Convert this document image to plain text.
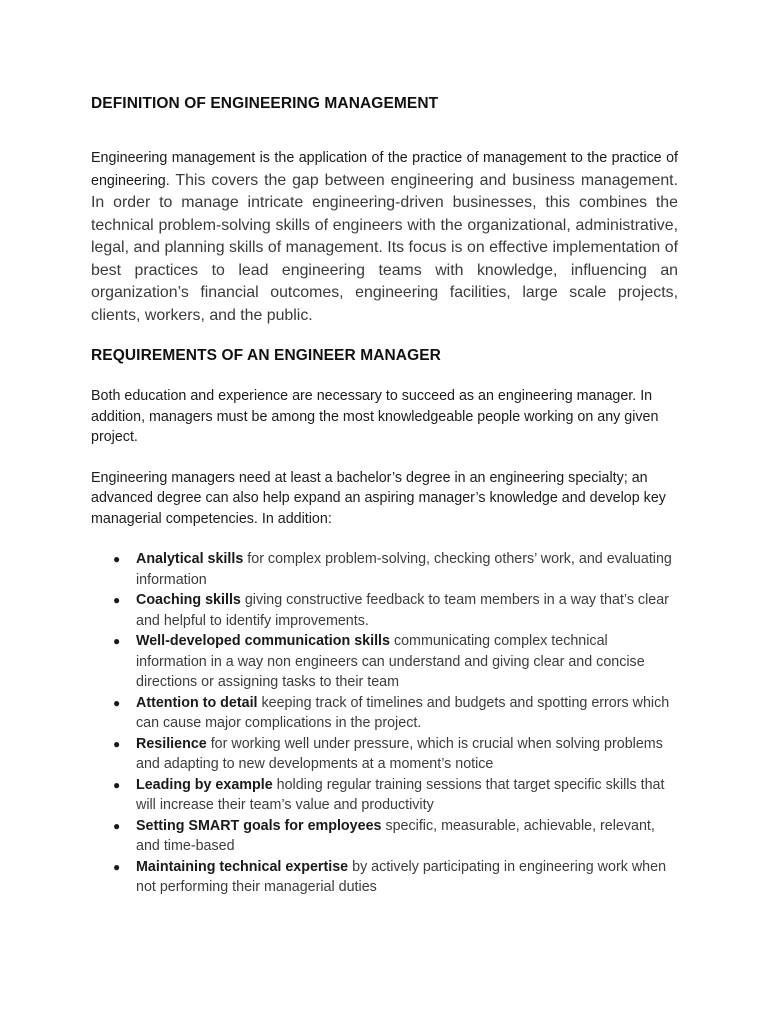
DEFINITION OF ENGINEERING MANAGEMENT

Engineering management is the application of the practice of management to the practice of engineering. This covers the gap between engineering and business management. In order to manage intricate engineering-driven businesses, this combines the technical problem-solving skills of engineers with the organizational, administrative, legal, and planning skills of management. Its focus is on effective implementation of best practices to lead engineering teams with knowledge, influencing an organization’s financial outcomes, engineering facilities, large scale projects, clients, workers, and the public.

REQUIREMENTS OF AN ENGINEER MANAGER

Both education and experience are necessary to succeed as an engineering manager. In addition, managers must be among the most knowledgeable people working on any given project.

Engineering managers need at least a bachelor’s degree in an engineering specialty; an advanced degree can also help expand an aspiring manager’s knowledge and develop key managerial competencies. In addition:

● Analytical skills for complex problem-solving, checking others’ work, and evaluating information
● Coaching skills giving constructive feedback to team members in a way that’s clear and helpful to identify improvements.
● Well-developed communication skills communicating complex technical information in a way non engineers can understand and giving clear and concise directions or assigning tasks to their team
● Attention to detail keeping track of timelines and budgets and spotting errors which can cause major complications in the project.
● Resilience for working well under pressure, which is crucial when solving problems and adapting to new developments at a moment’s notice
● Leading by example holding regular training sessions that target specific skills that will increase their team’s value and productivity
● Setting SMART goals for employees specific, measurable, achievable, relevant, and time-based
● Maintaining technical expertise by actively participating in engineering work when not performing their managerial duties
